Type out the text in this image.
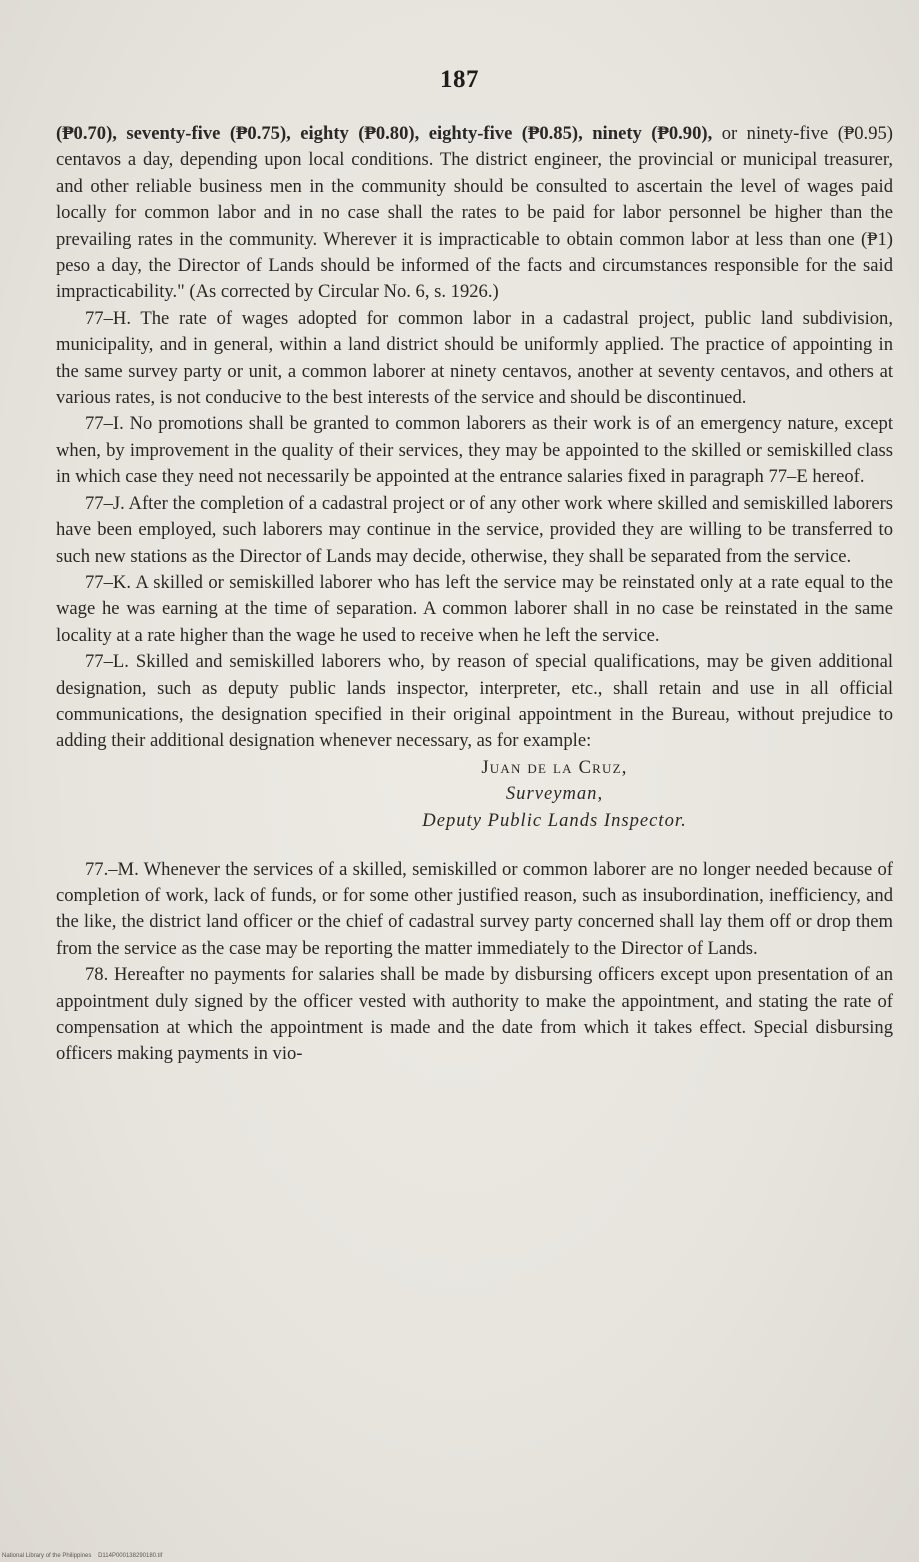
187

(₱0.70), seventy-five (₱0.75), eighty (₱0.80), eighty-five (₱0.85), ninety (₱0.90), or ninety-five (₱0.95) centavos a day, depending upon local conditions. The district engineer, the provincial or municipal treasurer, and other reliable business men in the community should be consulted to ascertain the level of wages paid locally for common labor and in no case shall the rates to be paid for labor personnel be higher than the prevailing rates in the community. Wherever it is impracticable to obtain common labor at less than one (₱1) peso a day, the Director of Lands should be informed of the facts and circumstances responsible for the said impracticability." (As corrected by Circular No. 6, s. 1926.)

77–H. The rate of wages adopted for common labor in a cadastral project, public land subdivision, municipality, and in general, within a land district should be uniformly applied. The practice of appointing in the same survey party or unit, a common laborer at ninety centavos, another at seventy centavos, and others at various rates, is not conducive to the best interests of the service and should be discontinued.

77–I. No promotions shall be granted to common laborers as their work is of an emergency nature, except when, by improvement in the quality of their services, they may be appointed to the skilled or semiskilled class in which case they need not necessarily be appointed at the entrance salaries fixed in paragraph 77–E hereof.

77–J. After the completion of a cadastral project or of any other work where skilled and semiskilled laborers have been employed, such laborers may continue in the service, provided they are willing to be transferred to such new stations as the Director of Lands may decide, otherwise, they shall be separated from the service.

77–K. A skilled or semiskilled laborer who has left the service may be reinstated only at a rate equal to the wage he was earning at the time of separation. A common laborer shall in no case be reinstated in the same locality at a rate higher than the wage he used to receive when he left the service.

77–L. Skilled and semiskilled laborers who, by reason of special qualifications, may be given additional designation, such as deputy public lands inspector, interpreter, etc., shall retain and use in all official communications, the designation specified in their original appointment in the Bureau, without prejudice to adding their additional designation whenever necessary, as for example:

Juan de la Cruz,
Surveyman,
Deputy Public Lands Inspector.

77.–M. Whenever the services of a skilled, semiskilled or common laborer are no longer needed because of completion of work, lack of funds, or for some other justified reason, such as insubordination, inefficiency, and the like, the district land officer or the chief of cadastral survey party concerned shall lay them off or drop them from the service as the case may be reporting the matter immediately to the Director of Lands.

78. Hereafter no payments for salaries shall be made by disbursing officers except upon presentation of an appointment duly signed by the officer vested with authority to make the appointment, and stating the rate of compensation at which the appointment is made and the date from which it takes effect. Special disbursing officers making payments in vio-

National Library of the Philippines D114P000138290180.tif
